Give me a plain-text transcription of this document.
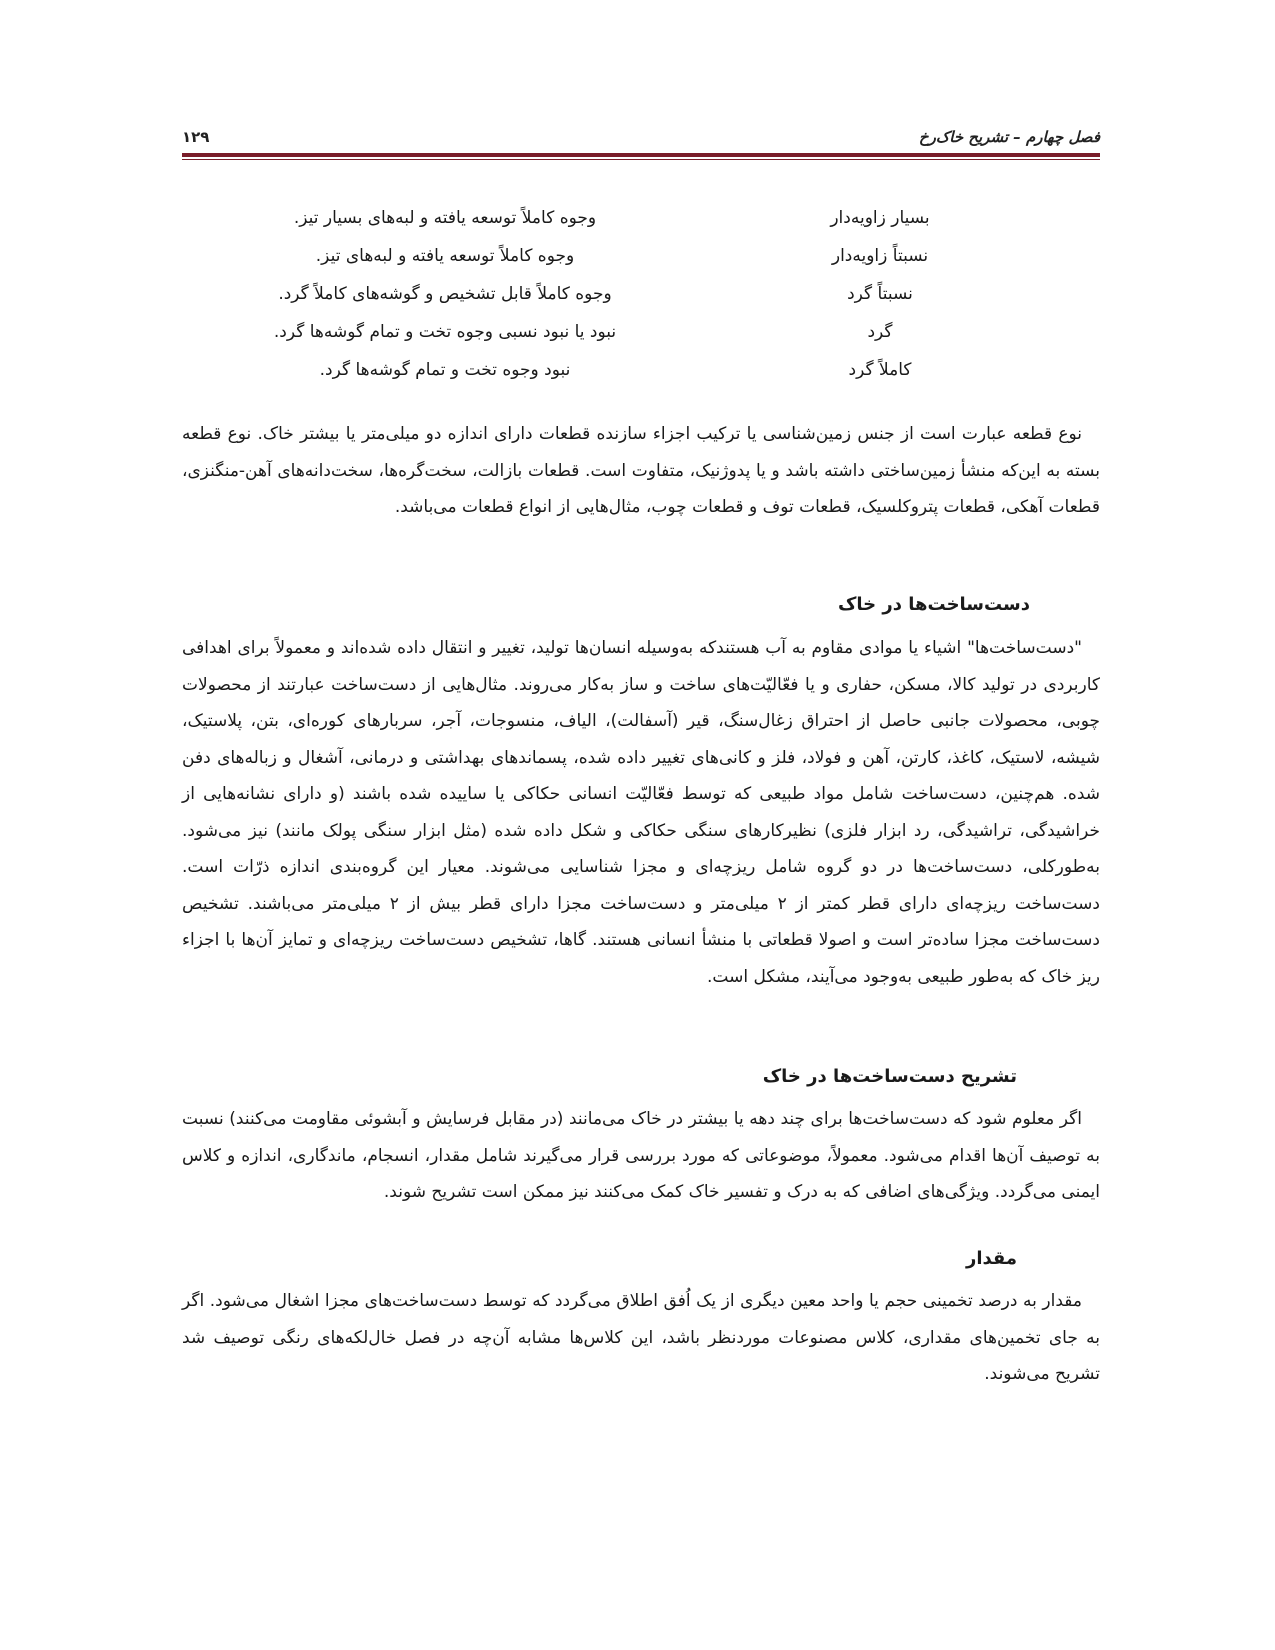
فصل چهارم – تشریح خاک‌رخ
۱۲۹
بسیار زاویه‌دار
وجوه کاملاً توسعه یافته و لبه‌های بسیار تیز.
نسبتاً زاویه‌دار
وجوه کاملاً توسعه یافته و لبه‌های تیز.
نسبتاً گرد
وجوه کاملاً قابل تشخیص و گوشه‌های کاملاً گرد.
گرد
نبود یا نبود نسبی وجوه تخت و تمام گوشه‌ها گرد.
کاملاً گرد
نبود وجوه تخت و تمام گوشه‌ها گرد.

نوع قطعه عبارت است از جنس زمین‌شناسی یا ترکیب اجزاء سازنده قطعات دارای اندازه دو میلی‌متر یا بیشتر خاک. نوع قطعه بسته به این‌که منشأ زمین‌ساختی داشته باشد و یا پدوژنیک، متفاوت است. قطعات بازالت، سخت‌گره‌ها، سخت‌دانه‌های آهن-منگنزی، قطعات آهکی، قطعات پتروکلسیک، قطعات توف و قطعات چوب، مثال‌هایی از انواع قطعات می‌باشد.

دست‌ساخت‌ها در خاک

"دست‌ساخت‌ها" اشیاء یا موادی مقاوم به آب هستندکه به‌وسیله انسان‌ها تولید، تغییر و انتقال داده شده‌اند و معمولاً برای اهدافی کاربردی در تولید کالا، مسکن، حفاری و یا فعّالیّت‌های ساخت و ساز به‌کار می‌روند. مثال‌هایی از دست‌ساخت عبارتند از محصولات چوبی، محصولات جانبی حاصل از احتراق زغال‌سنگ، قیر (آسفالت)، الیاف، منسوجات، آجر، سربارهای کوره‌ای، بتن، پلاستیک، شیشه، لاستیک، کاغذ، کارتن، آهن و فولاد، فلز و کانی‌های تغییر داده شده، پسماندهای بهداشتی و درمانی، آشغال و زباله‌های دفن شده. هم‌چنین، دست‌ساخت شامل مواد طبیعی که توسط فعّالیّت انسانی حکاکی یا ساییده شده باشند (و دارای نشانه‌هایی از خراشیدگی، تراشیدگی، رد ابزار فلزی) نظیرکارهای سنگی حکاکی و شکل داده شده (مثل ابزار سنگی پولک مانند) نیز می‌شود. به‌طورکلی، دست‌ساخت‌ها در دو گروه شامل ریزچه‌ای و مجزا شناسایی می‌شوند. معیار این گروه‌بندی اندازه ذرّات است. دست‌ساخت ریزچه‌ای دارای قطر کمتر از ۲ میلی‌متر و دست‌ساخت مجزا دارای قطر بیش از ۲ میلی‌متر می‌باشند. تشخیص دست‌ساخت مجزا ساده‌تر است و اصولا قطعاتی با منشأ انسانی هستند. گاها، تشخیص دست‌ساخت ریزچه‌ای و تمایز آن‌ها با اجزاء ریز خاک که به‌طور طبیعی به‌وجود می‌آیند، مشکل است.

تشریح دست‌ساخت‌ها در خاک

اگر معلوم شود که دست‌ساخت‌ها برای چند دهه یا بیشتر در خاک می‌مانند (در مقابل فرسایش و آبشوئی مقاومت می‌کنند) نسبت به توصیف آن‌ها اقدام می‌شود. معمولاً، موضوعاتی که مورد بررسی قرار می‌گیرند شامل مقدار، انسجام، ماندگاری، اندازه و کلاس ایمنی می‌گردد. ویژگی‌های اضافی که به درک و تفسیر خاک کمک می‌کنند نیز ممکن است تشریح شوند.

مقدار

مقدار به درصد تخمینی حجم یا واحد معین دیگری از یک اُفق اطلاق می‌گردد که توسط دست‌ساخت‌های مجزا اشغال می‌شود. اگر به جای تخمین‌های مقداری، کلاس مصنوعات موردنظر باشد، این کلاس‌ها مشابه آن‌چه در فصل خال‌لکه‌های رنگی توصیف شد تشریح می‌شوند.
